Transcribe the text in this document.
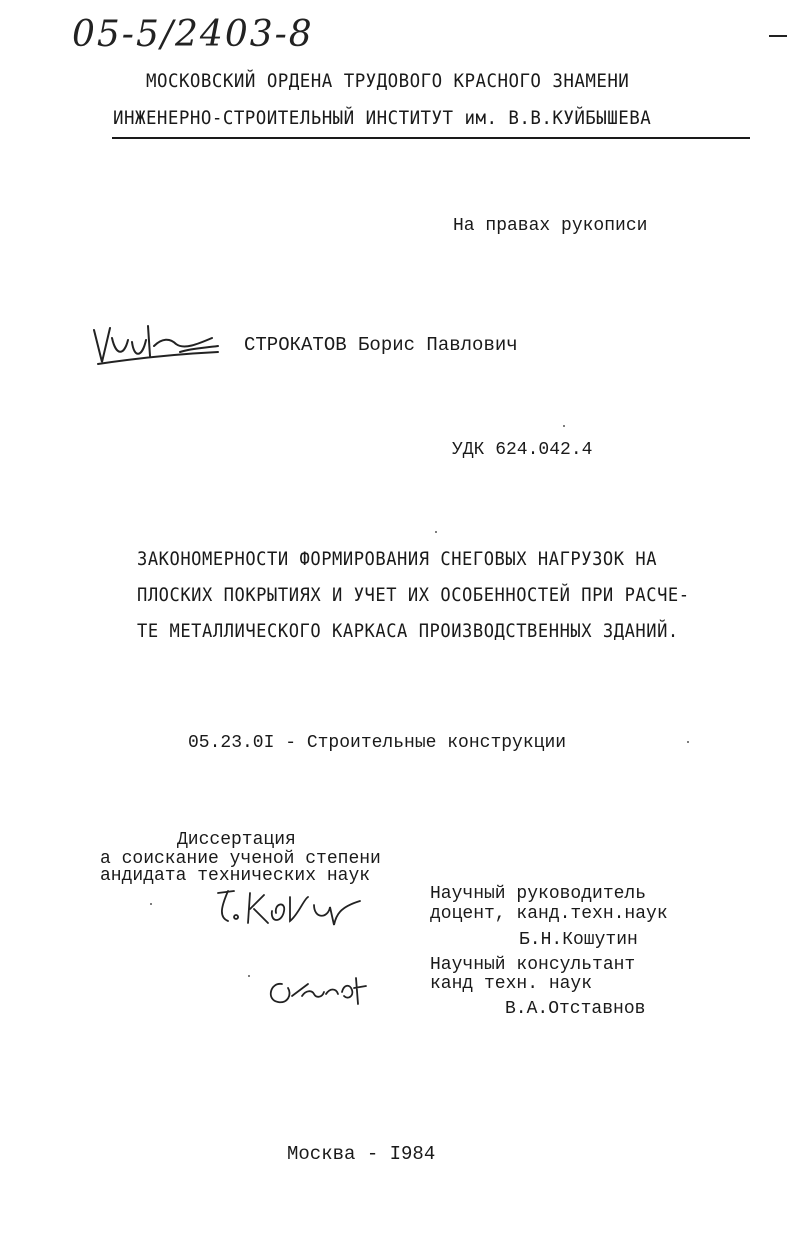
05-5/2403-8
МОСКОВСКИЙ ОРДЕНА ТРУДОВОГО КРАСНОГО ЗНАМЕНИ
ИНЖЕНЕРНО-СТРОИТЕЛЬНЫЙ ИНСТИТУТ им. В.В.КУЙБЫШЕВА
На правах рукописи
СТРОКАТОВ Борис Павлович
УДК 624.042.4
ЗАКОНОМЕРНОСТИ ФОРМИРОВАНИЯ СНЕГОВЫХ НАГРУЗОК НА
ПЛОСКИХ ПОКРЫТИЯХ И УЧЕТ ИХ ОСОБЕННОСТЕЙ ПРИ РАСЧЕ-
ТЕ МЕТАЛЛИЧЕСКОГО КАРКАСА ПРОИЗВОДСТВЕННЫХ ЗДАНИЙ.
05.23.0I - Строительные конструкции
Диссертация
а соискание ученой степени
андидата технических наук
Научный руководитель
доцент, канд.техн.наук
Б.Н.Кошутин
Научный консультант
канд техн. наук
В.А.Отставнов
Москва - I984
